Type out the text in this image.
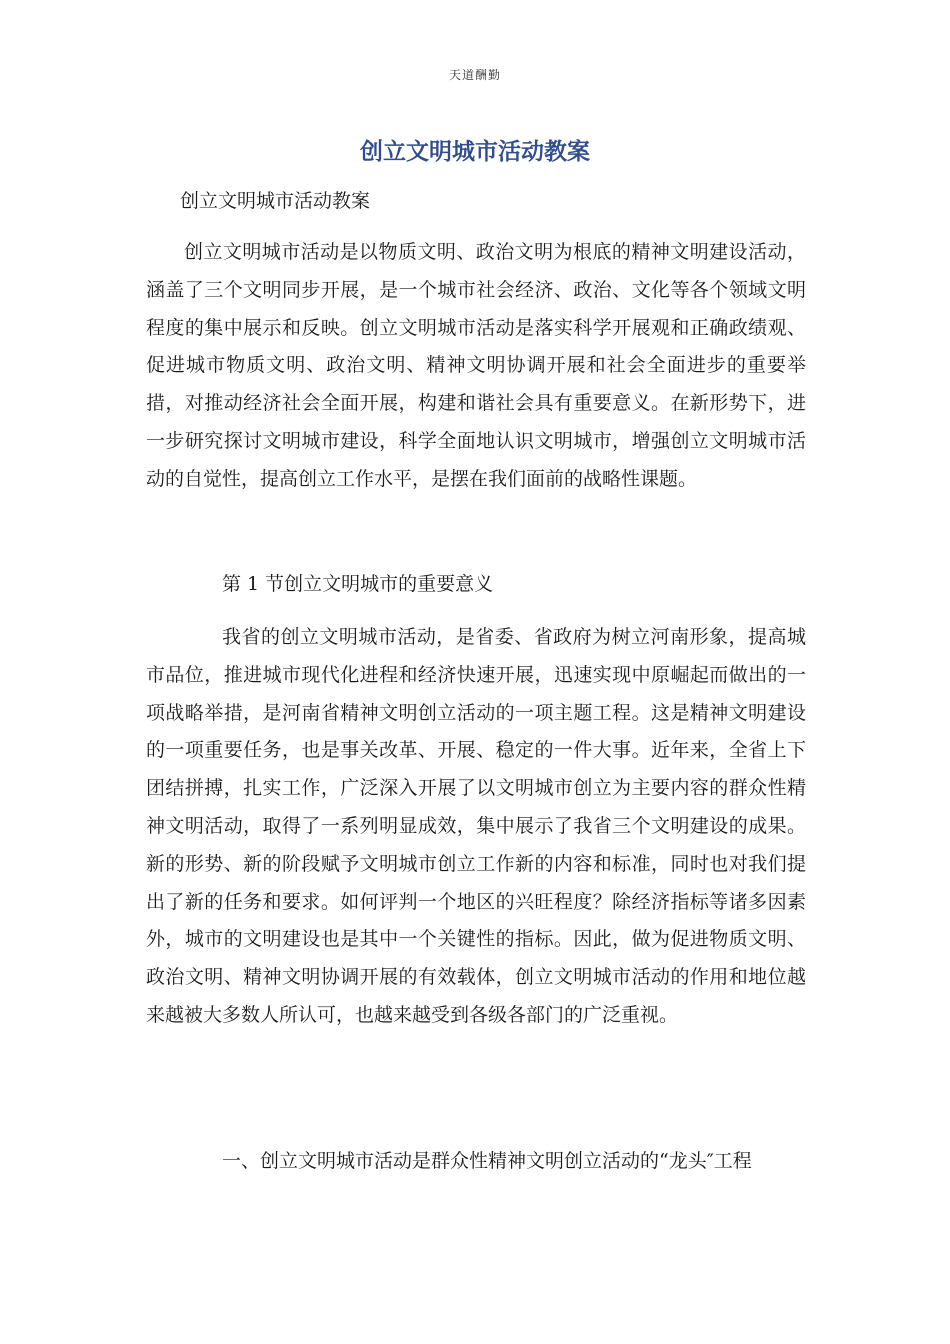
天道酬勤
创立文明城市活动教案
创立文明城市活动教案
创立文明城市活动是以物质文明、政治文明为根底的精神文明建设活动，涵盖了三个文明同步开展，是一个城市社会经济、政治、文化等各个领域文明程度的集中展示和反映。创立文明城市活动是落实科学开展观和正确政绩观、促进城市物质文明、政治文明、精神文明协调开展和社会全面进步的重要举措，对推动经济社会全面开展，构建和谐社会具有重要意义。在新形势下，进一步研究探讨文明城市建设，科学全面地认识文明城市，增强创立文明城市活动的自觉性，提高创立工作水平，是摆在我们面前的战略性课题。
第 1 节创立文明城市的重要意义
我省的创立文明城市活动，是省委、省政府为树立河南形象，提高城市品位，推进城市现代化进程和经济快速开展，迅速实现中原崛起而做出的一项战略举措，是河南省精神文明创立活动的一项主题工程。这是精神文明建设的一项重要任务，也是事关改革、开展、稳定的一件大事。近年来，全省上下团结拼搏，扎实工作，广泛深入开展了以文明城市创立为主要内容的群众性精神文明活动，取得了一系列明显成效，集中展示了我省三个文明建设的成果。新的形势、新的阶段赋予文明城市创立工作新的内容和标准，同时也对我们提出了新的任务和要求。如何评判一个地区的兴旺程度？除经济指标等诸多因素外，城市的文明建设也是其中一个关键性的指标。因此，做为促进物质文明、政治文明、精神文明协调开展的有效载体，创立文明城市活动的作用和地位越来越被大多数人所认可，也越来越受到各级各部门的广泛重视。
一、创立文明城市活动是群众性精神文明创立活动的“龙头″工程
